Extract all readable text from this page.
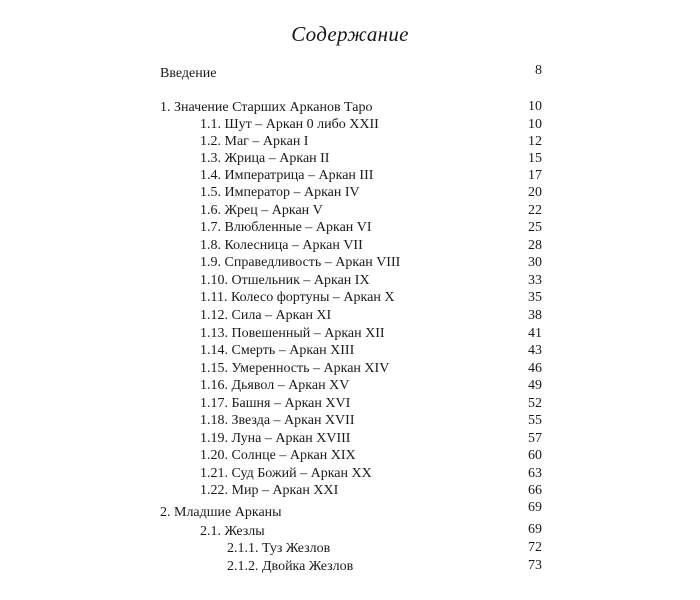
Содержание
Введение	8
1. Значение Старших Арканов Таро	10
1.1. Шут – Аркан 0 либо XXII	10
1.2. Маг – Аркан I	12
1.3. Жрица – Аркан II	15
1.4. Императрица – Аркан III	17
1.5. Император – Аркан IV	20
1.6. Жрец – Аркан V	22
1.7. Влюбленные – Аркан VI	25
1.8. Колесница – Аркан VII	28
1.9. Справедливость – Аркан VIII	30
1.10. Отшельник – Аркан IX	33
1.11. Колесо фортуны – Аркан X	35
1.12. Сила – Аркан XI	38
1.13. Повешенный – Аркан XII	41
1.14. Смерть – Аркан XIII	43
1.15. Умеренность – Аркан XIV	46
1.16. Дьявол – Аркан XV	49
1.17. Башня – Аркан XVI	52
1.18. Звезда – Аркан XVII	55
1.19. Луна – Аркан XVIII	57
1.20. Солнце – Аркан XIX	60
1.21. Суд Божий – Аркан XX	63
1.22. Мир – Аркан XXI	66
2. Младшие Арканы	69
2.1. Жезлы	69
2.1.1. Туз Жезлов	72
2.1.2. Двойка Жезлов	73
